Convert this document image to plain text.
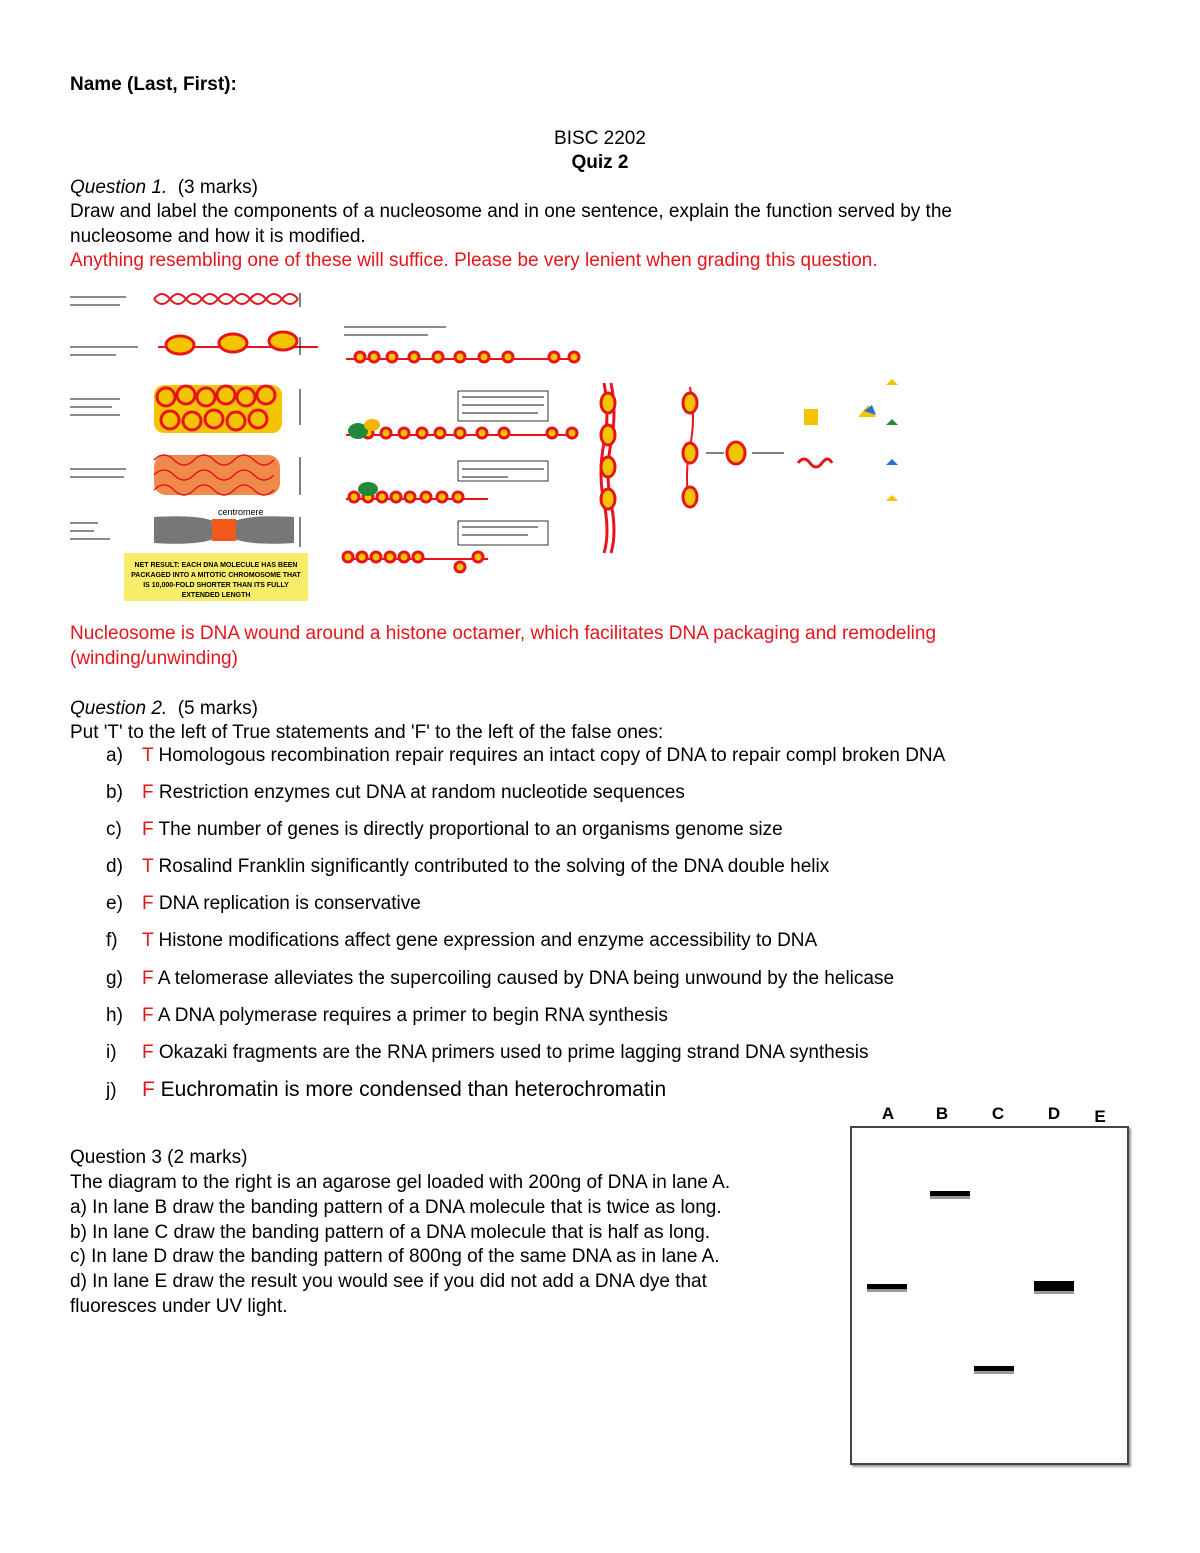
Name (Last, First):
BISC 2202
Quiz 2
Question 1. (3 marks)
Draw and label the components of a nucleosome and in one sentence, explain the function served by the
nucleosome and how it is modified.
Anything resembling one of these will suffice. Please be very lenient when grading this question.
centromere
NET RESULT: EACH DNA MOLECULE HAS BEEN
PACKAGED INTO A MITOTIC CHROMOSOME THAT
IS 10,000-FOLD SHORTER THAN ITS FULLY
EXTENDED LENGTH
Nucleosome is DNA wound around a histone octamer, which facilitates DNA packaging and remodeling
(winding/unwinding)
Question 2. (5 marks)
Put 'T' to the left of True statements and 'F' to the left of the false ones:
a) T Homologous recombination repair requires an intact copy of DNA to repair compl broken DNA
b) F Restriction enzymes cut DNA at random nucleotide sequences
c) F The number of genes is directly proportional to an organisms genome size
d) T Rosalind Franklin significantly contributed to the solving of the DNA double helix
e) F DNA replication is conservative
f) T Histone modifications affect gene expression and enzyme accessibility to DNA
g) F A telomerase alleviates the supercoiling caused by DNA being unwound by the helicase
h) F A DNA polymerase requires a primer to begin RNA synthesis
i) F Okazaki fragments are the RNA primers used to prime lagging strand DNA synthesis
j) F Euchromatin is more condensed than heterochromatin
Question 3 (2 marks)
The diagram to the right is an agarose gel loaded with 200ng of DNA in lane A.
a) In lane B draw the banding pattern of a DNA molecule that is twice as long.
b) In lane C draw the banding pattern of a DNA molecule that is half as long.
c) In lane D draw the banding pattern of 800ng of the same DNA as in lane A.
d) In lane E draw the result you would see if you did not add a DNA dye that
fluoresces under UV light.
A B	C	D E
